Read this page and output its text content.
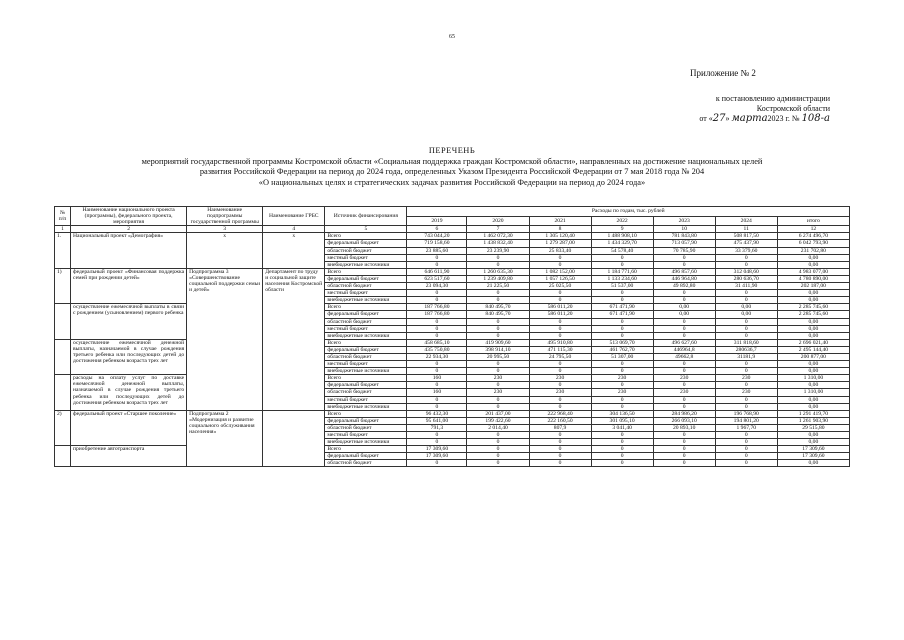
65
Приложение № 2
к постановлению администрации
Костромской области
от «27» марта2023 г. № 108-а
ПЕРЕЧЕНЬ
мероприятий государственной программы Костромской области «Социальная поддержка граждан Костромской области», направленных на достижение национальных целей
развития Российской Федерации на период до 2024 года, определенных Указом Президента Российской Федерации от 7 мая 2018 года № 204
«О национальных целях и стратегических задачах развития Российской Федерации на период до 2024 года»
№ п/п	Наименование национального проекта (программы), федерального проекта, мероприятия	Наименование подпрограммы государственной программы	Наименование ГРБС	Источник финансирования	Расходы по годам, тыс. рублей						
					2019	2020	2021	2022	2023	2024	итого
1	2	3	4	5	6	7	8	9	10	11	12
1.	Национальный проект «Демография»	х	х	Всего	743 044,20	1 462 072,30	1 305 120,40	1 488 908,10	781 843,80	508 817,50	6 274 496,70
				федеральный бюджет	719 158,60	1 438 832,40	1 279 287,00	1 434 329,70	713 057,90	475 437,90	6 042 793,90
				областной бюджет	23 885,60	23 239,90	25 833,40	54 578,40	70 785,90	33 379,60	231 702,80
				местный бюджет	0	0	0	0	0	0	0,00
				внебюджетные источники	0	0	0	0	0	0	0,00
1)	федеральный проект «Финансовая поддержка семей при рождении детей»	Подпрограмма 3 «Совершенствование социальной поддержки семьи и детей»	Департамент по труду и социальной защите населения Костромской области	Всего	646 611,90	1 260 635,30	1 082 152,00	1 184 771,60	496 857,60	312 048,60	4 983 077,00
				федеральный бюджет	623 517,60	1 239 409,80	1 057 126,50	1 133 234,60	446 964,80	280 636,70	4 780 890,00
				областной бюджет	23 094,30	21 225,50	25 025,50	51 537,00	49 892,80	31 411,90	202 187,00
				местный бюджет	0	0	0	0	0	0	0,00
				внебюджетные источники	0	0	0	0	0	0	0,00
	осуществление ежемесячной выплаты в связи с рождением (усыновлением) первого ребенка			Всего	187 766,80	840 495,70	586 011,20	671 471,90	0,00	0,00	2 285 745,60
				федеральный бюджет	187 766,80	840 495,70	586 011,20	671 471,90	0,00	0,00	2 285 745,60
				областной бюджет	0	0	0	0	0	0	0,00
				местный бюджет	0	0	0	0	0	0	0,00
				внебюджетные источники	0	0	0	0	0	0	0,00
	осуществление ежемесячной денежной выплаты, назначаемой в случае рождения третьего ребенка или последующих детей до достижения ребенком возраста трех лет			Всего	458 685,10	419 909,60	495 910,80	513 069,70	496 627,60	311 818,60	2 696 021,40
				федеральный бюджет	435 750,80	398 914,10	471 115,30	461 762,70	446964,8	280636,7	2 495 144,40
				областной бюджет	22 934,30	20 995,50	24 795,50	51 307,00	49662,8	31181,9	200 877,00
				местный бюджет	0	0	0	0	0	0	0,00
				внебюджетные источники	0	0	0	0	0	0	0,00
	расходы на оплату услуг по доставке ежемесячной денежной выплаты, назначаемой в случае рождения третьего ребенка или последующих детей до достижения ребенком возраста трех лет			Всего	160	230	230	230	230	230	1 310,00
				федеральный бюджет	0	0	0	0	0	0	0,00
				областной бюджет	160	230	230	230	230	230	1 310,00
				местный бюджет	0	0	0	0	0	0	0,00
				внебюджетные источники	0	0	0	0	0	0	0,00
2)	федеральный проект «Старшее поколение»	Подпрограмма 2 «Модернизация и развитие социального обслуживания населения»		Всего	96 432,30	201 437,00	222 968,40	304 136,50	284 986,20	196 768,90	1 291 419,70
				федеральный бюджет	95 641,00	199 422,60	222 160,50	301 095,10	266 093,10	194 801,20	1 261 903,90
				областной бюджет	791,3	2 014,40	807,9	3 041,40	20 893,10	1 967,70	29 515,80
				местный бюджет	0	0	0	0	0	0	0,00
				внебюджетные источники	0	0	0	0	0	0	0,00
	приобретение автотранспорта			Всего	17 309,60	0	0	0	0	0	17 309,60
				федеральный бюджет	17 309,60	0	0	0	0	0	17 309,60
				областной бюджет	0	0	0	0	0	0	0,00
